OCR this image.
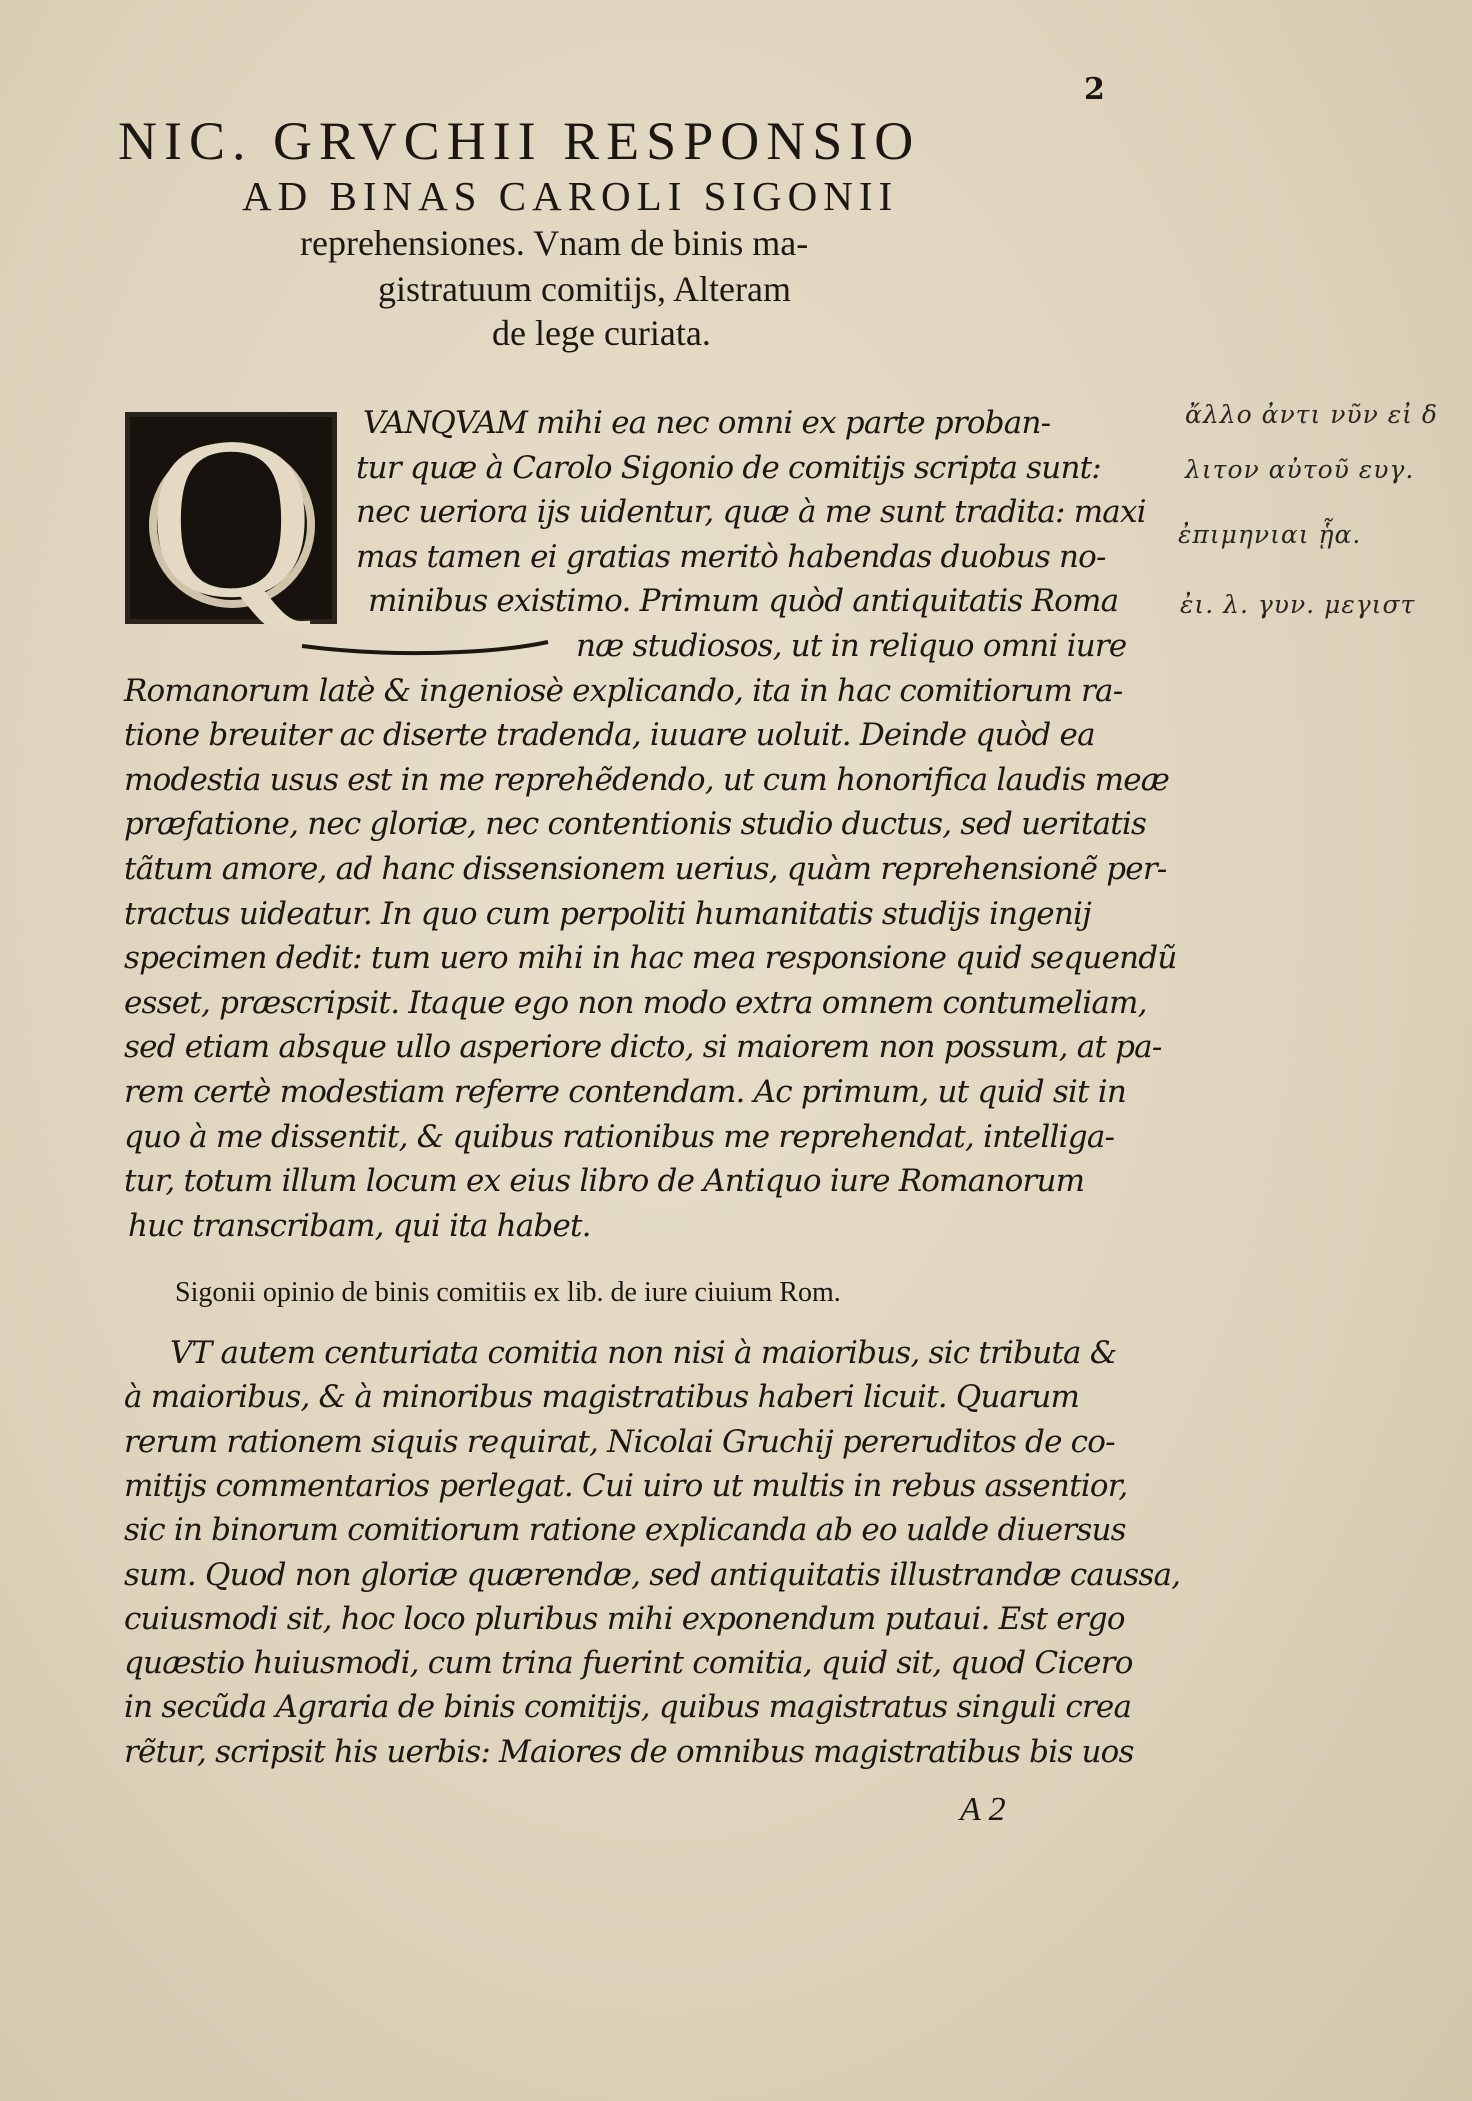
2
NIC. GRVCHII RESPONSIO
AD BINAS CAROLI SIGONII
reprehensiones. Vnam de binis ma-
gistratuum comitijs, Alteram
de lege curiata.
Q	VANQVAM mihi ea nec omni ex parte proban-
tur quæ à Carolo Sigonio de comitijs scripta sunt:
nec ueriora ijs uidentur, quæ à me sunt tradita: maxi
mas tamen ei gratias meritò habendas duobus no-
minibus existimo. Primum quòd antiquitatis Roma
næ studiosos, ut in reliquo omni iure
Romanorum latè & ingeniosè explicando, ita in hac comitiorum ra-
tione breuiter ac diserte tradenda, iuuare uoluit. Deinde quòd ea
modestia usus est in me reprehẽdendo, ut cum honorifica laudis meæ
præfatione, nec gloriæ, nec contentionis studio ductus, sed ueritatis
tãtum amore, ad hanc dissensionem uerius, quàm reprehensionẽ per-
tractus uideatur. In quo cum perpoliti humanitatis studijs ingenij
specimen dedit: tum uero mihi in hac mea responsione quid sequendũ
esset, præscripsit. Itaque ego non modo extra omnem contumeliam,
sed etiam absque ullo asperiore dicto, si maiorem non possum, at pa-
rem certè modestiam referre contendam. Ac primum, ut quid sit in
quo à me dissentit, & quibus rationibus me reprehendat, intelliga-
tur, totum illum locum ex eius libro de Antiquo iure Romanorum
huc transcribam, qui ita habet.
Sigonii opinio de binis comitiis ex lib. de iure ciuium Rom.
VT autem centuriata comitia non nisi à maioribus, sic tributa &
à maioribus, & à minoribus magistratibus haberi licuit. Quarum
rerum rationem siquis requirat, Nicolai Gruchij pereruditos de co-
mitijs commentarios perlegat. Cui uiro ut multis in rebus assentior,
sic in binorum comitiorum ratione explicanda ab eo ualde diuersus
sum. Quod non gloriæ quærendæ, sed antiquitatis illustrandæ caussa,
cuiusmodi sit, hoc loco pluribus mihi exponendum putaui. Est ergo
quæstio huiusmodi, cum trina fuerint comitia, quid sit, quod Cicero
in secũda Agraria de binis comitijs, quibus magistratus singuli crea
rẽtur, scripsit his uerbis: Maiores de omnibus magistratibus bis uos
A 2
ἄλλο ἀντι νῦν εἰ δ
λιτον αὐτοῦ ευγ.
ἐπιμηνιαι ᾗα.
ἐι. λ. γυν. μεγιστ
